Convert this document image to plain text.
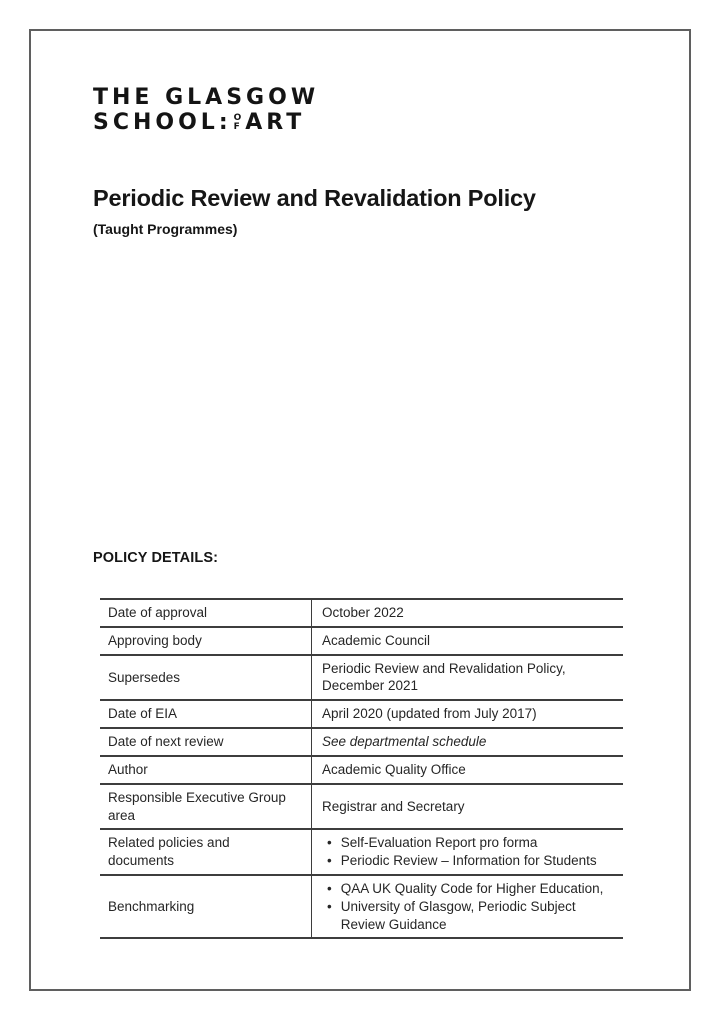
THE GLASGOW
SCHOOL: O
F ART
Periodic Review and Revalidation Policy
(Taught Programmes)
POLICY DETAILS:
Date of approval	October 2022
Approving body	Academic Council
Supersedes	Periodic Review and Revalidation Policy, December 2021
Date of EIA	April 2020 (updated from July 2017)
Date of next review	See departmental schedule
Author	Academic Quality Office
Responsible Executive Group area	Registrar and Secretary
Related policies and documents	• Self-Evaluation Report pro forma
• Periodic Review – Information for Students

Benchmarking	• QAA UK Quality Code for Higher Education,
• University of Glasgow, Periodic Subject Review Guidance
